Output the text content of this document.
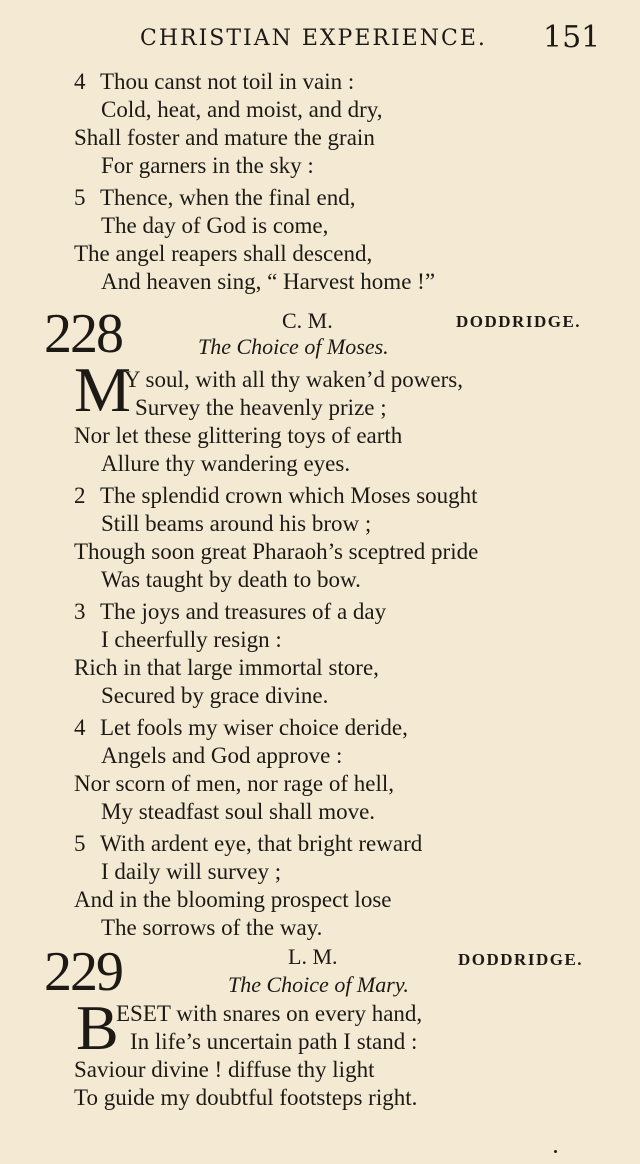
CHRISTIAN EXPERIENCE.	151
4 Thou canst not toil in vain :
Cold, heat, and moist, and dry,
Shall foster and mature the grain
For garners in the sky :
5 Thence, when the final end,
The day of God is come,
The angel reapers shall descend,
And heaven sing, “ Harvest home !”
228	C. M.	DODDRIDGE.
The Choice of Moses.
M
Y soul, with all thy waken’d powers,
Survey the heavenly prize ;
Nor let these glittering toys of earth
Allure thy wandering eyes.
2 The splendid crown which Moses sought
Still beams around his brow ;
Though soon great Pharaoh’s sceptred pride
Was taught by death to bow.
3 The joys and treasures of a day
I cheerfully resign :
Rich in that large immortal store,
Secured by grace divine.
4 Let fools my wiser choice deride,
Angels and God approve :
Nor scorn of men, nor rage of hell,
My steadfast soul shall move.
5 With ardent eye, that bright reward
I daily will survey ;
And in the blooming prospect lose
The sorrows of the way.
229	L. M.	DODDRIDGE.
The Choice of Mary.
B
ESET with snares on every hand,
In life’s uncertain path I stand :
Saviour divine ! diffuse thy light
To guide my doubtful footsteps right.
